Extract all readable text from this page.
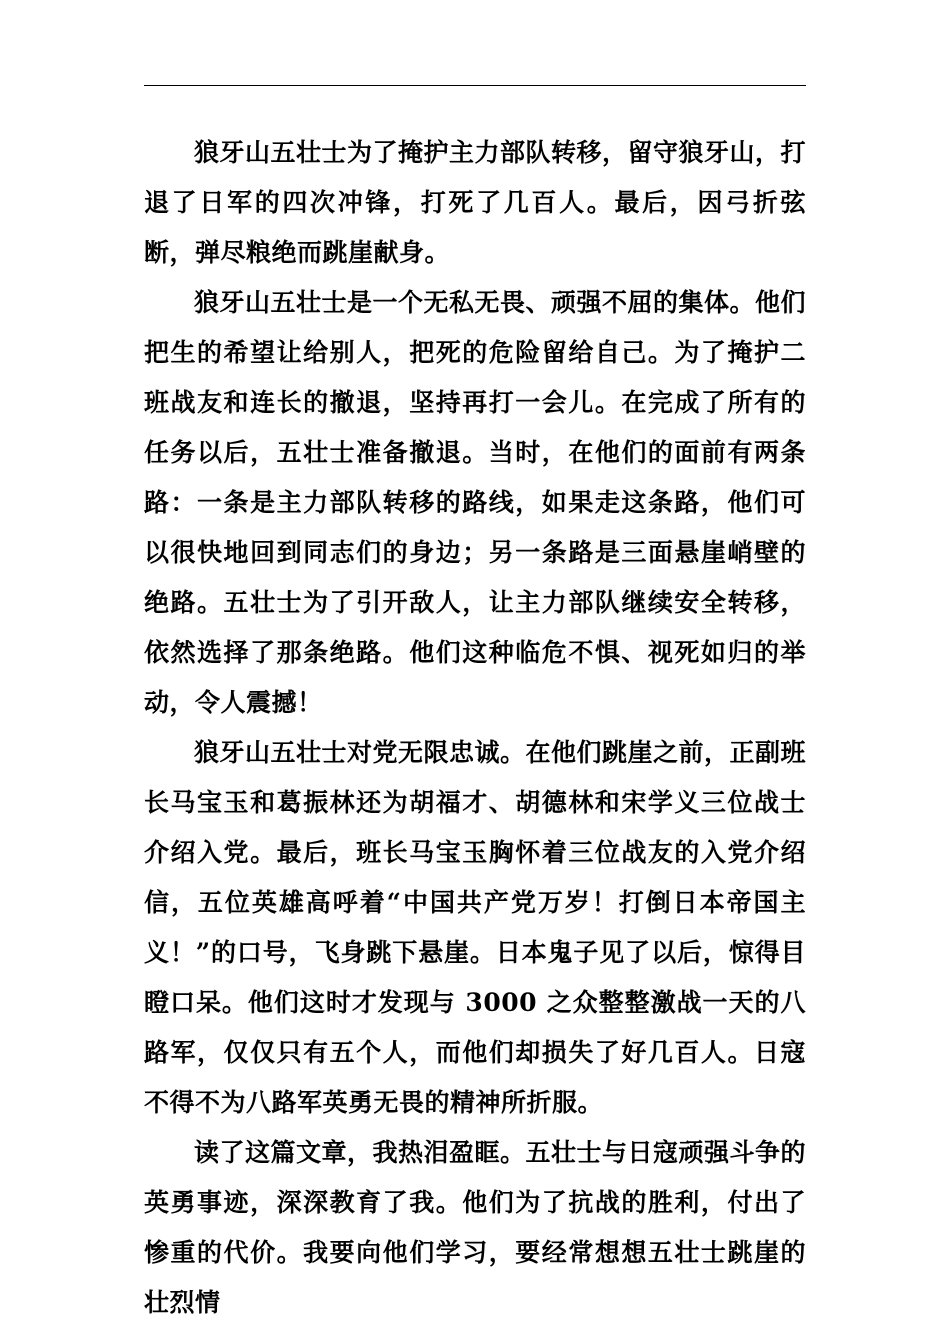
狼牙山五壮士为了掩护主力部队转移，留守狼牙山，打退了日军的四次冲锋，打死了几百人。最后，因弓折弦断，弹尽粮绝而跳崖献身。

狼牙山五壮士是一个无私无畏、顽强不屈的集体。他们把生的希望让给别人，把死的危险留给自己。为了掩护二班战友和连长的撤退，坚持再打一会儿。在完成了所有的任务以后，五壮士准备撤退。当时，在他们的面前有两条路：一条是主力部队转移的路线，如果走这条路，他们可以很快地回到同志们的身边；另一条路是三面悬崖峭壁的绝路。五壮士为了引开敌人，让主力部队继续安全转移，依然选择了那条绝路。他们这种临危不惧、视死如归的举动，令人震撼！

狼牙山五壮士对党无限忠诚。在他们跳崖之前，正副班长马宝玉和葛振林还为胡福才、胡德林和宋学义三位战士介绍入党。最后，班长马宝玉胸怀着三位战友的入党介绍信，五位英雄高呼着“中国共产党万岁！打倒日本帝国主义！”的口号，飞身跳下悬崖。日本鬼子见了以后，惊得目瞪口呆。他们这时才发现与 3000 之众整整激战一天的八路军，仅仅只有五个人，而他们却损失了好几百人。日寇不得不为八路军英勇无畏的精神所折服。

读了这篇文章，我热泪盈眶。五壮士与日寇顽强斗争的英勇事迹，深深教育了我。他们为了抗战的胜利，付出了惨重的代价。我要向他们学习，要经常想想五壮士跳崖的壮烈情
